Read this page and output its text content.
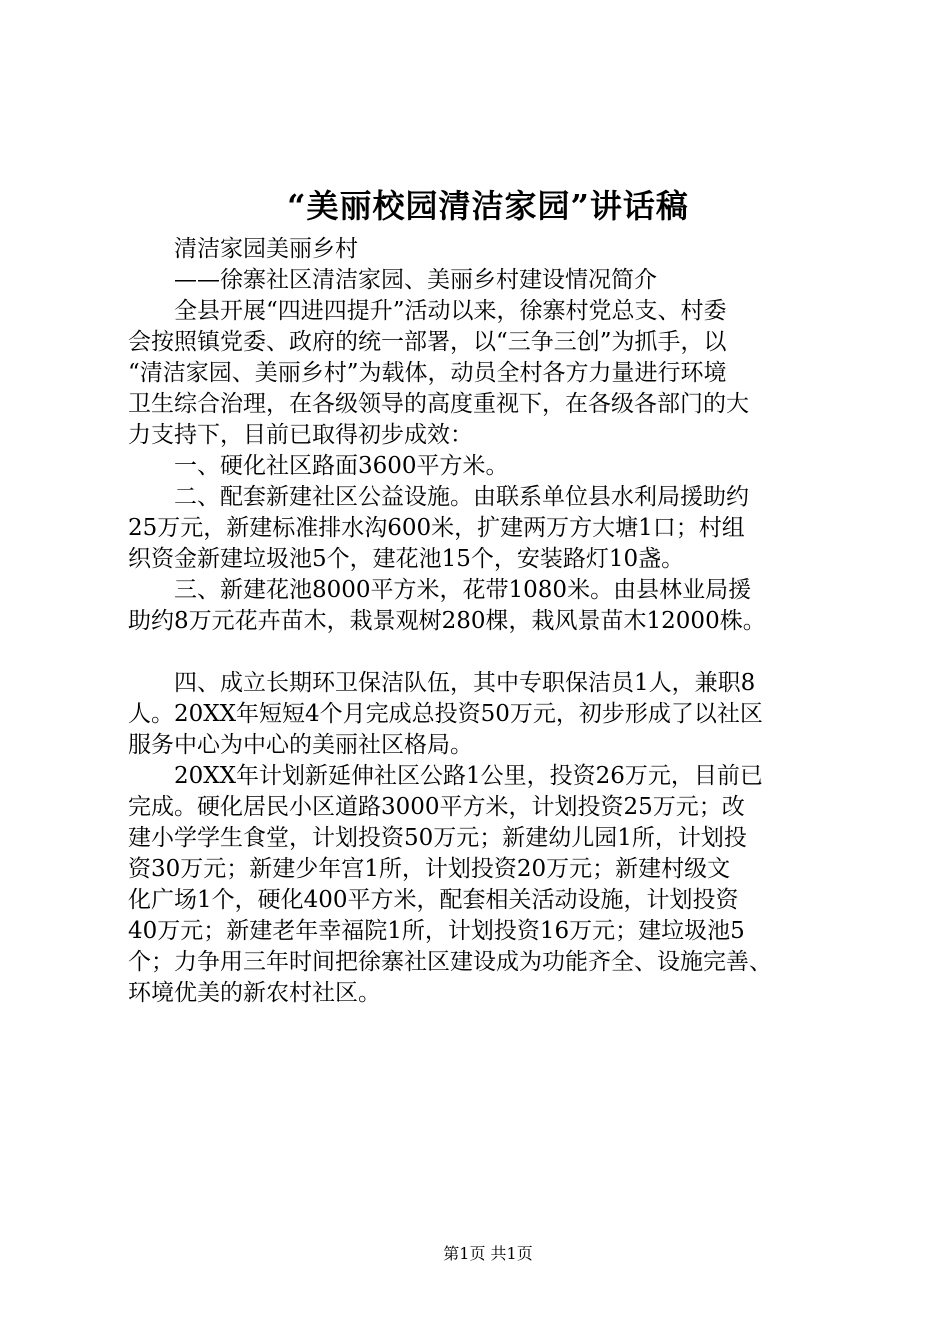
“美丽校园清洁家园”讲话稿
　　清洁家园美丽乡村
　　——徐寨社区清洁家园、美丽乡村建设情况简介
　　全县开展“四进四提升”活动以来，徐寨村党总支、村委
会按照镇党委、政府的统一部署，以“三争三创”为抓手，以
“清洁家园、美丽乡村”为载体，动员全村各方力量进行环境
卫生综合治理，在各级领导的高度重视下，在各级各部门的大
力支持下，目前已取得初步成效：
　　一、硬化社区路面3600平方米。
　　二、配套新建社区公益设施。由联系单位县水利局援助约
25万元，新建标准排水沟600米，扩建两万方大塘1口；村组
织资金新建垃圾池5个，建花池15个，安装路灯10盏。
　　三、新建花池8000平方米，花带1080米。由县林业局援
助约8万元花卉苗木，栽景观树280棵，栽风景苗木12000株。
　　四、成立长期环卫保洁队伍，其中专职保洁员1人，兼职8
人。20XX年短短4个月完成总投资50万元，初步形成了以社区
服务中心为中心的美丽社区格局。
　　20XX年计划新延伸社区公路1公里，投资26万元，目前已
完成。硬化居民小区道路3000平方米，计划投资25万元；改
建小学学生食堂，计划投资50万元；新建幼儿园1所，计划投
资30万元；新建少年宫1所，计划投资20万元；新建村级文
化广场1个，硬化400平方米，配套相关活动设施，计划投资
40万元；新建老年幸福院1所，计划投资16万元；建垃圾池5
个；力争用三年时间把徐寨社区建设成为功能齐全、设施完善、
环境优美的新农村社区。
第1页 共1页
